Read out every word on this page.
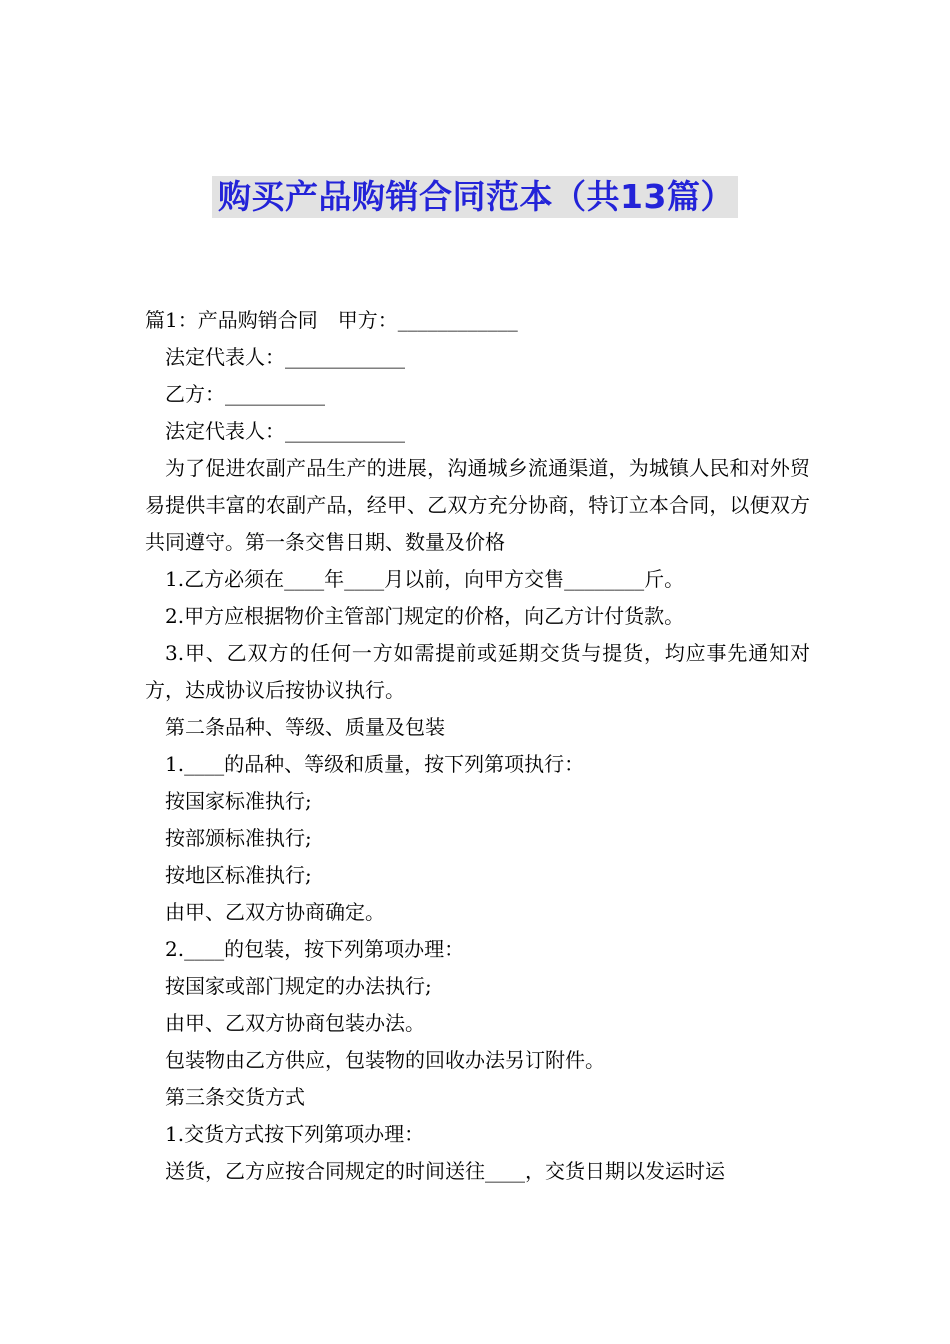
购买产品购销合同范本（共13篇）

篇1：产品购销合同　甲方：____________

法定代表人：____________

乙方：__________

法定代表人：____________

为了促进农副产品生产的进展，沟通城乡流通渠道，为城镇人民和对外贸易提供丰富的农副产品，经甲、乙双方充分协商，特订立本合同，以便双方共同遵守。第一条交售日期、数量及价格

1.乙方必须在____年____月以前，向甲方交售________斤。

2.甲方应根据物价主管部门规定的价格，向乙方计付货款。

3.甲、乙双方的任何一方如需提前或延期交货与提货，均应事先通知对方，达成协议后按协议执行。

第二条品种、等级、质量及包装

1.____的品种、等级和质量，按下列第项执行：

按国家标准执行;

按部颁标准执行;

按地区标准执行;

由甲、乙双方协商确定。

2.____的包装，按下列第项办理：

按国家或部门规定的办法执行;

由甲、乙双方协商包装办法。

包装物由乙方供应，包装物的回收办法另订附件。

第三条交货方式

1.交货方式按下列第项办理：

送货，乙方应按合同规定的时间送往____，交货日期以发运时运
